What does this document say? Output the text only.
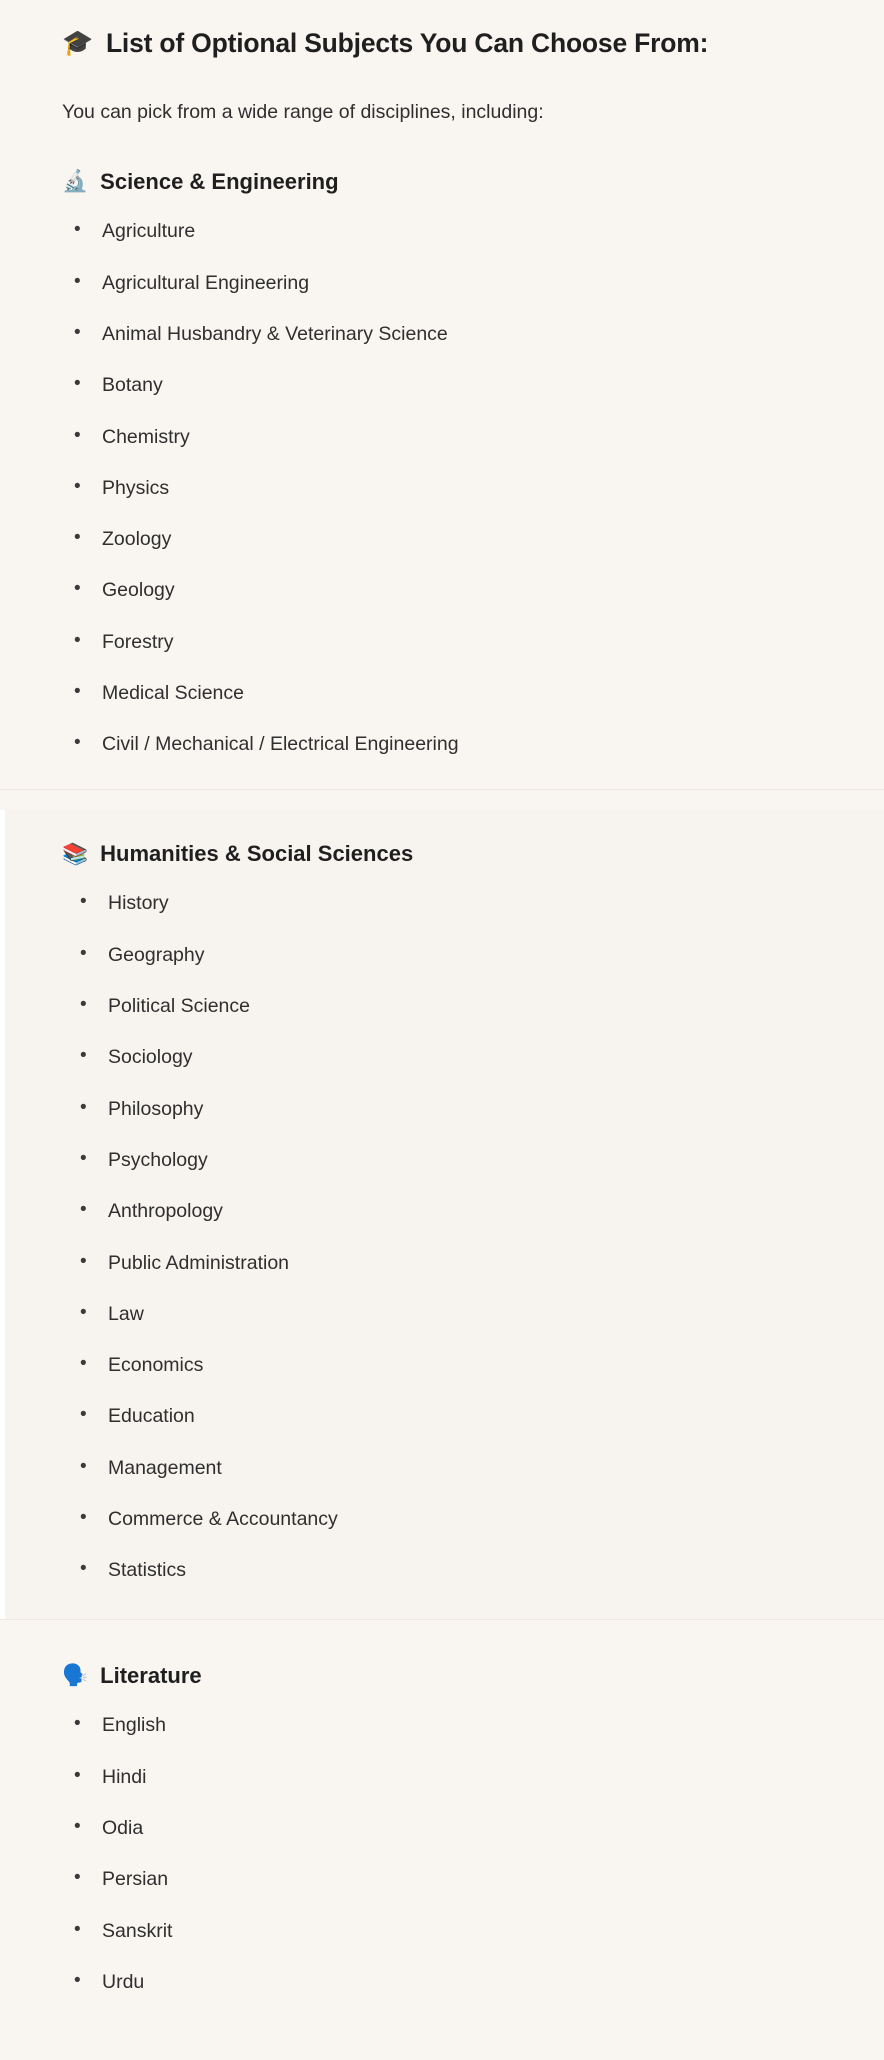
🎓 List of Optional Subjects You Can Choose From:

You can pick from a wide range of disciplines, including:

🔬 Science & Engineering
• Agriculture
• Agricultural Engineering
• Animal Husbandry & Veterinary Science
• Botany
• Chemistry
• Physics
• Zoology
• Geology
• Forestry
• Medical Science
• Civil / Mechanical / Electrical Engineering
📚 Humanities & Social Sciences
• History
• Geography
• Political Science
• Sociology
• Philosophy
• Psychology
• Anthropology
• Public Administration
• Law
• Economics
• Education
• Management
• Commerce & Accountancy
• Statistics
🗣️ Literature
• English
• Hindi
• Odia
• Persian
• Sanskrit
• Urdu
